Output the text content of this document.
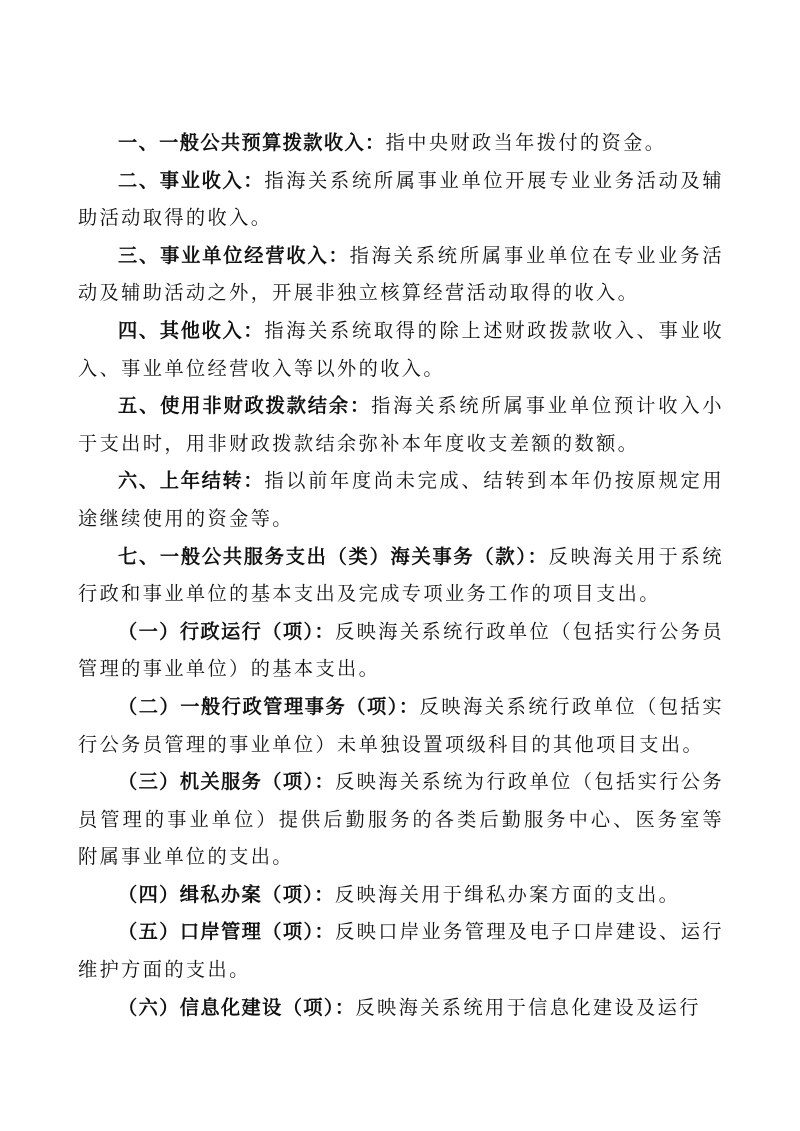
一、一般公共预算拨款收入：指中央财政当年拨付的资金。

二、事业收入：指海关系统所属事业单位开展专业业务活动及辅助活动取得的收入。

三、事业单位经营收入：指海关系统所属事业单位在专业业务活动及辅助活动之外，开展非独立核算经营活动取得的收入。

四、其他收入：指海关系统取得的除上述财政拨款收入、事业收入、事业单位经营收入等以外的收入。

五、使用非财政拨款结余：指海关系统所属事业单位预计收入小于支出时，用非财政拨款结余弥补本年度收支差额的数额。

六、上年结转：指以前年度尚未完成、结转到本年仍按原规定用途继续使用的资金等。

七、一般公共服务支出（类）海关事务（款）：反映海关用于系统行政和事业单位的基本支出及完成专项业务工作的项目支出。

（一）行政运行（项）：反映海关系统行政单位（包括实行公务员管理的事业单位）的基本支出。

（二）一般行政管理事务（项）：反映海关系统行政单位（包括实行公务员管理的事业单位）未单独设置项级科目的其他项目支出。

（三）机关服务（项）：反映海关系统为行政单位（包括实行公务员管理的事业单位）提供后勤服务的各类后勤服务中心、医务室等附属事业单位的支出。

（四）缉私办案（项）：反映海关用于缉私办案方面的支出。

（五）口岸管理（项）：反映口岸业务管理及电子口岸建设、运行维护方面的支出。

（六）信息化建设（项）：反映海关系统用于信息化建设及运行
